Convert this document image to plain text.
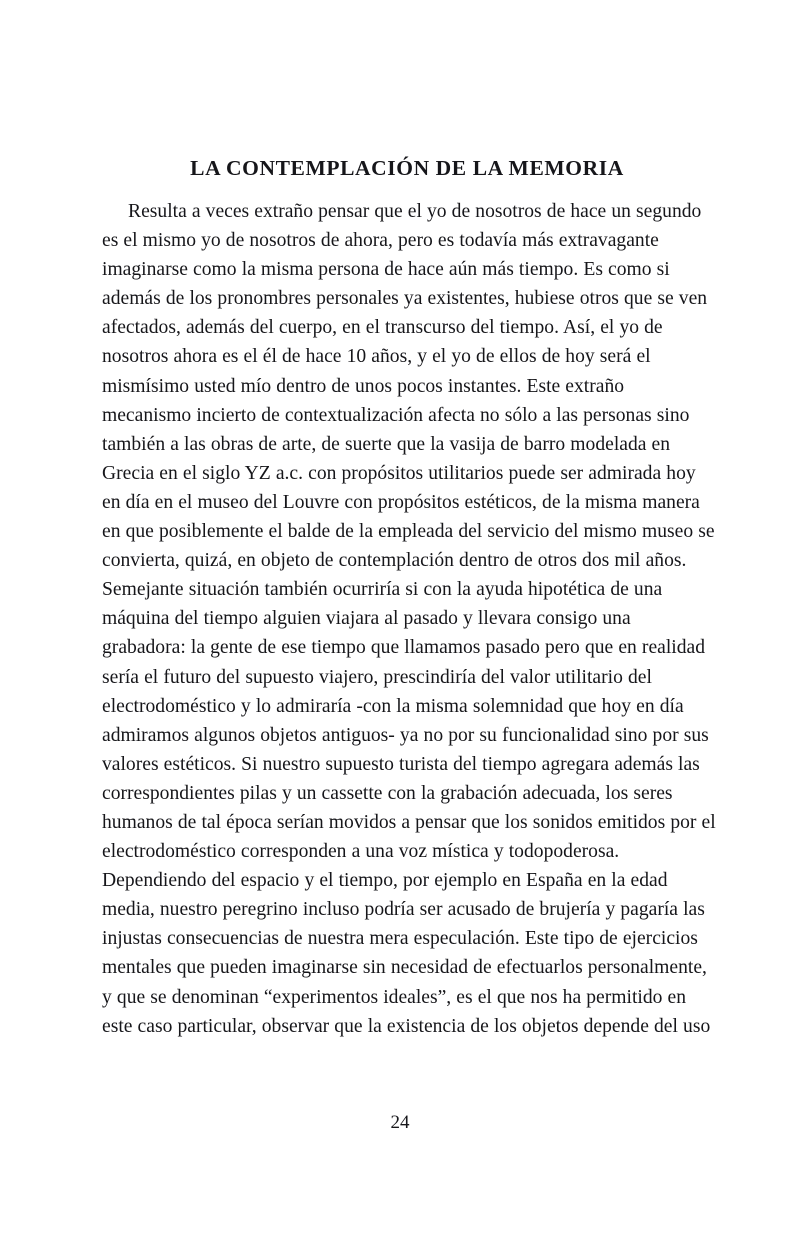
LA CONTEMPLACIÓN DE LA MEMORIA

Resulta a veces extraño pensar que el yo de nosotros de hace un segundo es el mismo yo de nosotros de ahora, pero es todavía más extravagante imaginarse como la misma persona de hace aún más tiempo. Es como si además de los pronombres personales ya existentes, hubiese otros que se ven afectados, además del cuerpo, en el transcurso del tiempo. Así, el yo de nosotros ahora es el él de hace 10 años, y el yo de ellos de hoy será el mismísimo usted mío dentro de unos pocos instantes. Este extraño mecanismo incierto de contextualización afecta no sólo a las personas sino también a las obras de arte, de suerte que la vasija de barro modelada en Grecia en el siglo YZ a.c. con propósitos utilitarios puede ser admirada hoy en día en el museo del Louvre con propósitos estéticos, de la misma manera en que posiblemente el balde de la empleada del servicio del mismo museo se convierta, quizá, en objeto de contemplación dentro de otros dos mil años. Semejante situación también ocurriría si con la ayuda hipotética de una máquina del tiempo alguien viajara al pasado y llevara consigo una grabadora: la gente de ese tiempo que llamamos pasado pero que en realidad sería el futuro del supuesto viajero, prescindiría del valor utilitario del electrodoméstico y lo admiraría -con la misma solemnidad que hoy en día admiramos algunos objetos antiguos- ya no por su funcionalidad sino por sus valores estéticos. Si nuestro supuesto turista del tiempo agregara además las correspondientes pilas y un cassette con la grabación adecuada, los seres humanos de tal época serían movidos a pensar que los sonidos emitidos por el electrodoméstico corresponden a una voz mística y todopoderosa. Dependiendo del espacio y el tiempo, por ejemplo en España en la edad media, nuestro peregrino incluso podría ser acusado de brujería y pagaría las injustas consecuencias de nuestra mera especulación. Este tipo de ejercicios mentales que pueden imaginarse sin necesidad de efectuarlos personalmente, y que se denominan “experimentos ideales”, es el que nos ha permitido en este caso particular, observar que la existencia de los objetos depende del uso

24
